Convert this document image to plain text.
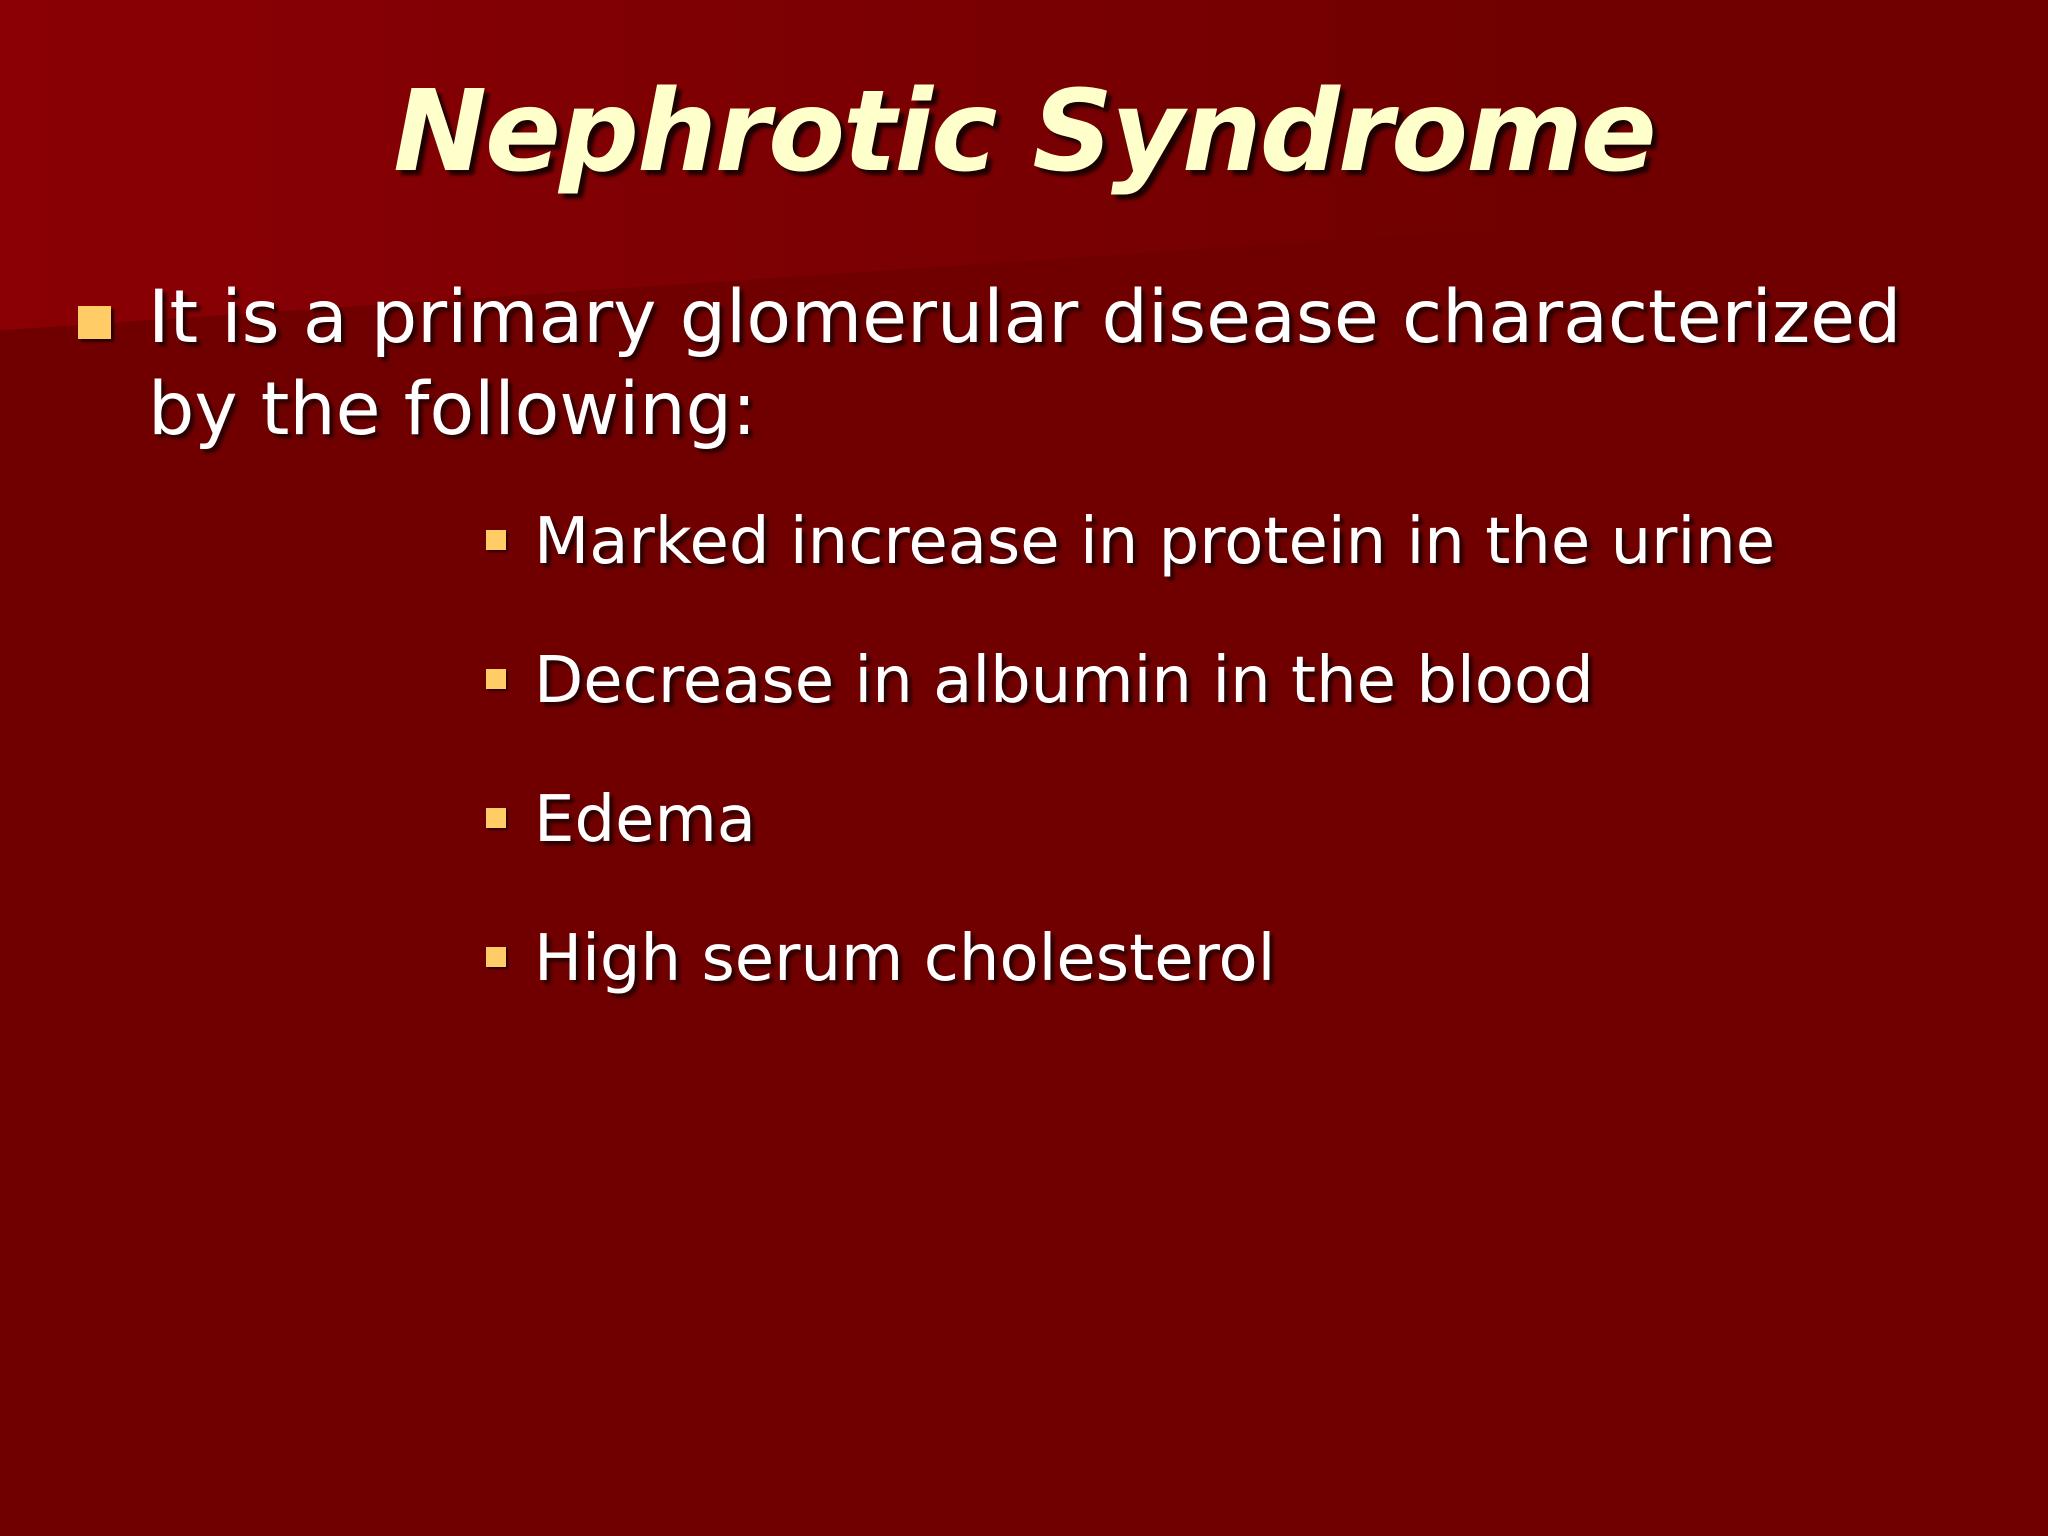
Nephrotic Syndrome
It is a primary glomerular disease characterized by the following:
Marked increase in protein in the urine
Decrease in albumin in the blood
Edema
High serum cholesterol
